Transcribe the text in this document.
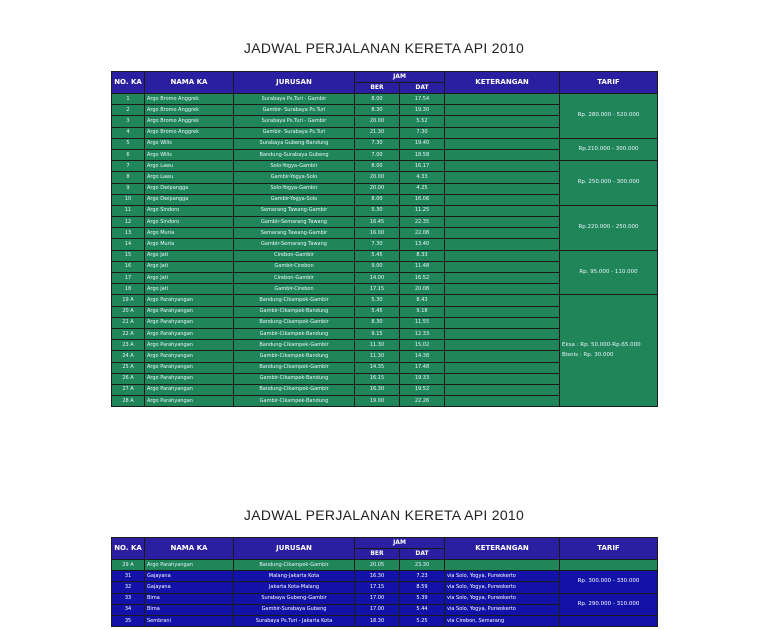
JADWAL PERJALANAN KERETA API 2010
NO. KA	NAMA KA	JURUSAN	JAM		KETERANGAN	TARIF
			BER	DAT		
1	Argo Bromo Anggrek	Surabaya Ps.Turi - Gambir	8.00	17.54		Rp. 280.000 - 520.000
2	Argo Bromo Anggrek	Gambir- Surabaya Ps.Turi	8.30	19.30		
3	Argo Bromo Anggrek	Surabaya Ps.Turi - Gambir	20.00	5.52		
4	Argo Bromo Anggrek	Gambir- Surabaya Ps.Turi	21.30	7.30		
5	Argo Wilis	Surabaya Gubeng-Bandung	7.30	19.40		Rp.210.000 - 300.000
6	Argo Wilis	Bandung-Surabaya Gubeng	7.00	18.58		
7	Argo Lawu	Solo-Yogya-Gambir	8.00	16.17		Rp. 250.000 - 300.000
8	Argo Lawu	Gambir-Yogya-Solo	20.00	4.33		
9	Argo Dwipangga	Solo-Yogya-Gambir	20.00	4.25		
10	Argo Dwipangga	Gambir-Yogya-Solo	8.00	16.06		
11	Argo Sindoro	Semarang Tawang-Gambir	5.30	11.25		Rp.220.000 - 250.000
12	Argo Sindoro	Gambir-Semarang Tawang	16.45	22.35		
13	Argo Muria	Semarang Tawang-Gambir	16.00	22.08		
14	Argo Muria	Gambir-Semarang Tawang	7.30	13.40		
15	Argo Jati	Cirebon-Gambir	5.45	8.33		Rp. 95.000 - 110.000
16	Argo Jati	Gambir-Cirebon	9.00	11.48		
17	Argo Jati	Cirebon-Gambir	14.00	16.52		
18	Argo Jati	Gambir-Cirebon	17.15	20.08		
19 A	Argo Parahyangan	Bandung-Cikampek-Gambir	5.30	8.43		Eksa : Rp. 50.000-Rp.65.000
Bisnis : Rp. 30.000

20 A	Argo Parahyangan	Gambir-Cikampek-Bandung	5.45	9.18		
21 A	Argo Parahyangan	Bandung-Cikampek-Gambir	8.30	11.55		
22 A	Argo Parahyangan	Gambir-Cikampek-Bandung	9.15	12.33		
23 A	Argo Parahyangan	Bandung-Cikampek-Gambir	11.30	15.02		
24 A	Argo Parahyangan	Gambir-Cikampek-Bandung	11.30	14.38		
25 A	Argo Parahyangan	Bandung-Cikampek-Gambir	14.35	17.48		
26 A	Argo Parahyangan	Gambir-Cikampek-Bandung	16.15	19.33		
27 A	Argo Parahyangan	Bandung-Cikampek-Gambir	16.30	19.52		
28 A	Argo Parahyangan	Gambir-Cikampek-Bandung	19.00	22.26		
JADWAL PERJALANAN KERETA API 2010
NO. KA	NAMA KA	JURUSAN	JAM		KETERANGAN	TARIF
			BER	DAT		
29 A	Argo Parahyangan	Bandung-Cikampek-Gambir	20.05	23.30		
31	Gajayana	Malang-Jakarta Kota	16.30	7.23	via Solo, Yogya, Purwokerto	Rp. 300.000 - 330.000
32	Gajayana	Jakarta Kota-Malang	17.15	8.59	via Solo, Yogya, Purwokerto	
33	Bima	Surabaya Gubeng-Gambir	17.00	5.39	via Solo, Yogya, Purwokerto	Rp. 290.000 - 310.000
34	Bima	Gambir-Surabaya Gubeng	17.00	5.44	via Solo, Yogya, Purwokerto	
35	Sembrani	Surabaya Ps.Turi - Jakarta Kota	18.30	5.25	via Cirebon, Semarang	
